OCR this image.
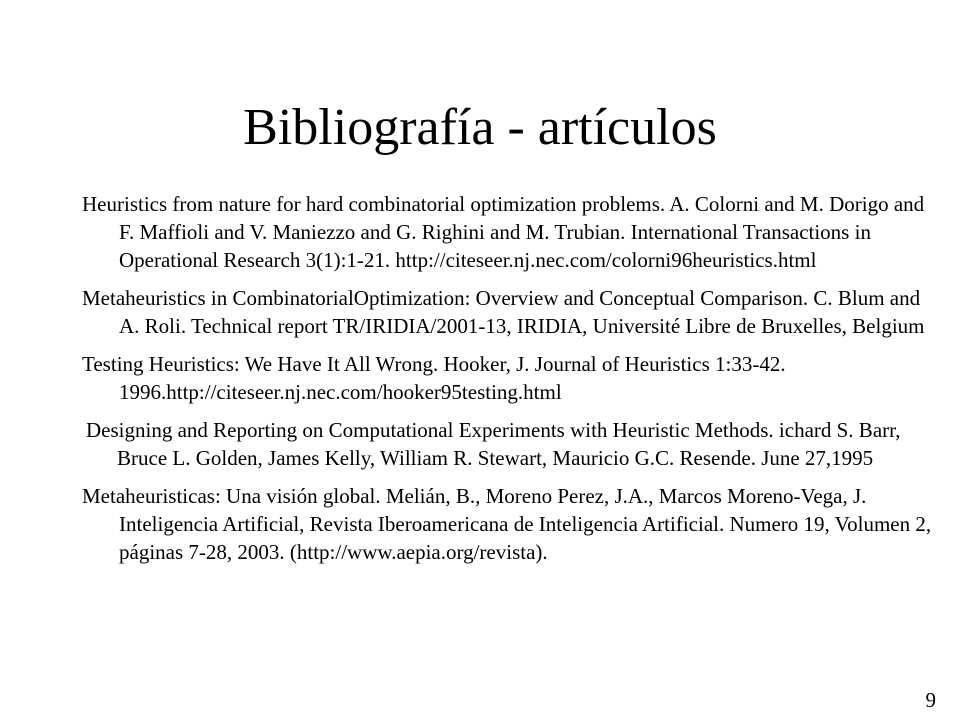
Bibliografía - artículos
Heuristics from nature for hard combinatorial optimization problems. A. Colorni and M. Dorigo and F. Maffioli and V. Maniezzo and G. Righini and M. Trubian. International Transactions in Operational Research 3(1):1-21. http://citeseer.nj.nec.com/colorni96heuristics.html
Metaheuristics in CombinatorialOptimization: Overview and Conceptual Comparison. C. Blum and A. Roli. Technical report TR/IRIDIA/2001-13, IRIDIA, Université Libre de Bruxelles, Belgium
Testing Heuristics: We Have It All Wrong. Hooker, J. Journal of Heuristics 1:33-42. 1996.http://citeseer.nj.nec.com/hooker95testing.html
Designing and Reporting on Computational Experiments with Heuristic Methods. ichard S. Barr, Bruce L. Golden, James Kelly, William R. Stewart, Mauricio G.C. Resende. June 27,1995
Metaheuristicas: Una visión global. Melián, B., Moreno Perez, J.A., Marcos Moreno-Vega, J. Inteligencia Artificial, Revista Iberoamericana de Inteligencia Artificial. Numero 19, Volumen 2, páginas 7-28, 2003. (http://www.aepia.org/revista).
9
